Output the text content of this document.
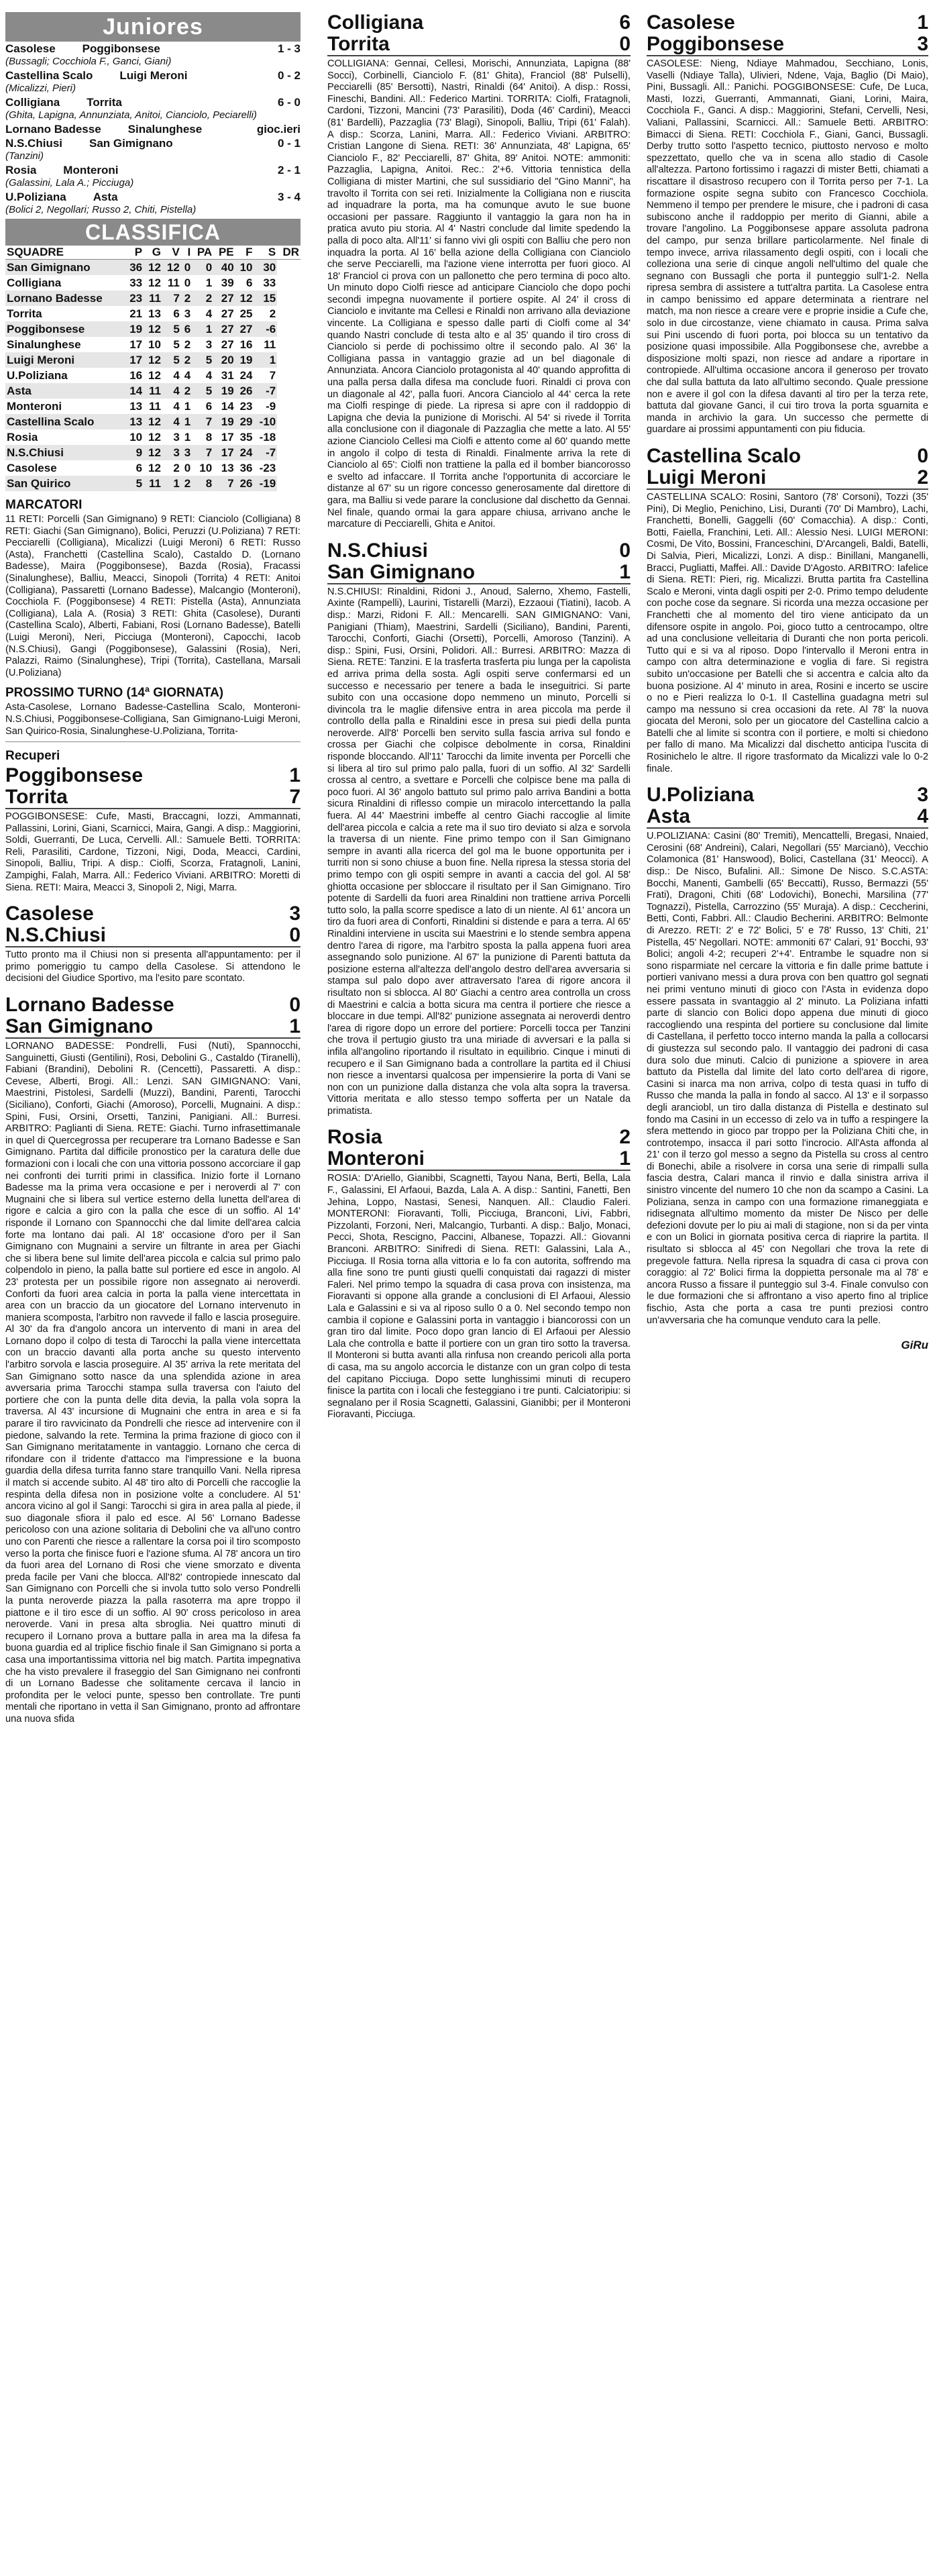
Juniores
Casolese Poggibonsese	1 - 3
(Bussagli; Cocchiola F., Ganci, Giani)
Castellina Scalo Luigi Meroni	0 - 2
(Micalizzi, Pieri)
Colligiana Torrita	6 - 0
(Ghita, Lapigna, Annunziata, Anitoi, Cianciolo, Peciarelli)
Lornano Badesse Sinalunghese	gioc.ieri
N.S.Chiusi San Gimignano	0 - 1
(Tanzini)
Rosia Monteroni	2 - 1
(Galassini, Lala A.; Picciuga)
U.Poliziana Asta	3 - 4
(Bolici 2, Negollari; Russo 2, Chiti, Pistella)
CLASSIFICA
SQUADRE	P	G	V	I	PA	PE	F	S	DR
San Gimignano	36	12	12	0	0	40	10	30	
Colligiana	33	12	11	0	1	39	6	33	
Lornano Badesse	23	11	7	2	2	27	12	15	
Torrita	21	13	6	3	4	27	25	2	
Poggibonsese	19	12	5	6	1	27	27	-6	
Sinalunghese	17	10	5	2	3	27	16	11	
Luigi Meroni	17	12	5	2	5	20	19	1	
U.Poliziana	16	12	4	4	4	31	24	7	
Asta	14	11	4	2	5	19	26	-7	
Monteroni	13	11	4	1	6	14	23	-9	
Castellina Scalo	13	12	4	1	7	19	29	-10	
Rosia	10	12	3	1	8	17	35	-18	
N.S.Chiusi	9	12	3	3	7	17	24	-7	
Casolese	6	12	2	0	10	13	36	-23	
San Quirico	5	11	1	2	8	7	26	-19	
MARCATORI
11 RETI: Porcelli (San Gimignano) 9 RETI: Cianciolo (Colligiana) 8 RETI: Giachi (San Gimignano), Bolici, Peruzzi (U.Poliziana) 7 RETI: Pecciarelli (Colligiana), Micalizzi (Luigi Meroni) 6 RETI: Russo (Asta), Franchetti (Castellina Scalo), Castaldo D. (Lornano Badesse), Maira (Poggibonsese), Bazda (Rosia), Fracassi (Sinalunghese), Balliu, Meacci, Sinopoli (Torrita) 4 RETI: Anitoi (Colligiana), Passaretti (Lornano Badesse), Malcangio (Monteroni), Cocchiola F. (Poggibonsese) 4 RETI: Pistella (Asta), Annunziata (Colligiana), Lala A. (Rosia) 3 RETI: Ghita (Casolese), Duranti (Castellina Scalo), Alberti, Fabiani, Rosi (Lornano Badesse), Batelli (Luigi Meroni), Neri, Picciuga (Monteroni), Capocchi, Iacob (N.S.Chiusi), Gangi (Poggibonsese), Galassini (Rosia), Neri, Palazzi, Raimo (Sinalunghese), Tripi (Torrita), Castellana, Marsali (U.Poliziana)
PROSSIMO TURNO (14ª GIORNATA)
Asta-Casolese, Lornano Badesse-Castellina Scalo, Monteroni-N.S.Chiusi, Poggibonsese-Colligiana, San Gimignano-Luigi Meroni, San Quirico-Rosia, Sinalunghese-U.Poliziana, Torrita-
Recuperi
Poggibonsese	1
Torrita	7
POGGIBONSESE: Cufe, Masti, Braccagni, Iozzi, Ammannati, Pallassini, Lorini, Giani, Scarnicci, Maira, Gangi. A disp.: Maggiorini, Soldi, Guerranti, De Luca, Cervelli. All.: Samuele Betti. TORRITA: Reli, Parasiliti, Cardone, Tizzoni, Nigi, Doda, Meacci, Cardini, Sinopoli, Balliu, Tripi. A disp.: Ciolfi, Scorza, Fratagnoli, Lanini, Zampighi, Falah, Marra. All.: Federico Viviani. ARBITRO: Moretti di Siena. RETI: Maira, Meacci 3, Sinopoli 2, Nigi, Marra.
Casolese	3
N.S.Chiusi	0
Tutto pronto ma il Chiusi non si presenta all'appuntamento: per il primo pomeriggio tu campo della Casolese. Si attendono le decisioni del Giudice Sportivo, ma l'esito pare scontato.
Lornano Badesse	0
San Gimignano	1
LORNANO BADESSE: Pondrelli, Fusi (Nuti), Spannocchi, Sanguinetti, Giusti (Gentilini), Rosi, Debolini G., Castaldo (Tiranelli), Fabiani (Brandini), Debolini R. (Cencetti), Passaretti. A disp.: Cevese, Alberti, Brogi. All.: Lenzi. SAN GIMIGNANO: Vani, Maestrini, Pistolesi, Sardelli (Muzzi), Bandini, Parenti, Tarocchi (Siciliano), Conforti, Giachi (Amoroso), Porcelli, Mugnaini. A disp.: Spini, Fusi, Orsini, Orsetti, Tanzini, Panigiani. All.: Burresi. ARBITRO: Paglianti di Siena. RETE: Giachi. Turno infrasettimanale in quel di Quercegrossa per recuperare tra Lornano Badesse e San Gimignano. Partita dal difficile pronostico per la caratura delle due formazioni con i locali che con una vittoria possono accorciare il gap nei confronti dei turriti primi in classifica. Inizio forte il Lornano Badesse ma la prima vera occasione e per i neroverdi al 7' con Mugnaini che si libera sul vertice esterno della lunetta dell'area di rigore e calcia a giro con la palla che esce di un soffio. Al 14' risponde il Lornano con Spannocchi che dal limite dell'area calcia forte ma lontano dai pali. Al 18' occasione d'oro per il San Gimignano con Mugnaini a servire un filtrante in area per Giachi che si libera bene sul limite dell'area piccola e calcia sul primo palo colpendolo in pieno, la palla batte sul portiere ed esce in angolo. Al 23' protesta per un possibile rigore non assegnato ai neroverdi. Conforti da fuori area calcia in porta la palla viene intercettata in area con un braccio da un giocatore del Lornano intervenuto in maniera scomposta, l'arbitro non ravvede il fallo e lascia proseguire. Al 30' da fra d'angolo ancora un intervento di mani in area del Lornano dopo il colpo di testa di Tarocchi la palla viene intercettata con un braccio davanti alla porta anche su questo intervento l'arbitro sorvola e lascia proseguire. Al 35' arriva la rete meritata del San Gimignano sotto nasce da una splendida azione in area avversaria prima Tarocchi stampa sulla traversa con l'aiuto del portiere che con la punta delle dita devia, la palla vola sopra la traversa. Al 43' incursione di Mugnaini che entra in area e si fa parare il tiro ravvicinato da Pondrelli che riesce ad intervenire con il piedone, salvando la rete. Termina la prima frazione di gioco con il San Gimignano meritatamente in vantaggio. Lornano che cerca di rifondare con il tridente d'attacco ma l'impressione e la buona guardia della difesa turrita fanno stare tranquillo Vani. Nella ripresa il match si accende subito. Al 48' tiro alto di Porcelli che raccoglie la respinta della difesa non in posizione volte a concludere. Al 51' ancora vicino al gol il Sangi: Tarocchi si gira in area palla al piede, il suo diagonale sfiora il palo ed esce. Al 56' Lornano Badesse pericoloso con una azione solitaria di Debolini che va all'uno contro uno con Parenti che riesce a rallentare la corsa poi il tiro scomposto verso la porta che finisce fuori e l'azione sfuma. Al 78' ancora un tiro da fuori area del Lornano di Rosi che viene smorzato e diventa preda facile per Vani che blocca. All'82' contropiede innescato dal San Gimignano con Porcelli che si invola tutto solo verso Pondrelli la punta neroverde piazza la palla rasoterra ma apre troppo il piattone e il tiro esce di un soffio. Al 90' cross pericoloso in area neroverde. Vani in presa alta sbroglia. Nei quattro minuti di recupero il Lornano prova a buttare palla in area ma la difesa fa buona guardia ed al triplice fischio finale il San Gimignano si porta a casa una importantissima vittoria nel big match. Partita impegnativa che ha visto prevalere il fraseggio del San Gimignano nei confronti di un Lornano Badesse che solitamente cercava il lancio in profondita per le veloci punte, spesso ben controllate. Tre punti mentali che riportano in vetta il San Gimignano, pronto ad affrontare una nuova sfida
Colligiana	6
Torrita	0
COLLIGIANA: Gennai, Cellesi, Morischi, Annunziata, Lapigna (88' Socci), Corbinelli, Cianciolo F. (81' Ghita), Franciol (88' Pulselli), Pecciarelli (85' Bersotti), Nastri, Rinaldi (64' Anitoi). A disp.: Rossi, Fineschi, Bandini. All.: Federico Martini. TORRITA: Ciolfi, Fratagnoli, Cardoni, Tizzoni, Mancini (73' Parasiliti), Doda (46' Cardini), Meacci (81' Bardelli), Pazzaglia (73' Blagi), Sinopoli, Balliu, Tripi (61' Falah). A disp.: Scorza, Lanini, Marra. All.: Federico Viviani. ARBITRO: Cristian Langone di Siena. RETI: 36' Annunziata, 48' Lapigna, 65' Cianciolo F., 82' Pecciarelli, 87' Ghita, 89' Anitoi. NOTE: ammoniti: Pazzaglia, Lapigna, Anitoi. Rec.: 2'+6. Vittoria tennistica della Colligiana di mister Martini, che sul sussidiario del "Gino Manni", ha travolto il Torrita con sei reti. Inizialmente la Colligiana non e riuscita ad inquadrare la porta, ma ha comunque avuto le sue buone occasioni per passare. Raggiunto il vantaggio la gara non ha in pratica avuto piu storia. Al 4' Nastri conclude dal limite spedendo la palla di poco alta. All'11' si fanno vivi gli ospiti con Balliu che pero non inquadra la porta. Al 16' bella azione della Colligiana con Cianciolo che serve Pecciarelli, ma l'azione viene interrotta per fuori gioco. Al 18' Franciol ci prova con un pallonetto che pero termina di poco alto. Un minuto dopo Ciolfi riesce ad anticipare Cianciolo che dopo pochi secondi impegna nuovamente il portiere ospite. Al 24' il cross di Cianciolo e invitante ma Cellesi e Rinaldi non arrivano alla deviazione vincente. La Colligiana e spesso dalle parti di Ciolfi come al 34' quando Nastri conclude di testa alto e al 35' quando il tiro cross di Cianciolo si perde di pochissimo oltre il secondo palo. Al 36' la Colligiana passa in vantaggio grazie ad un bel diagonale di Annunziata. Ancora Cianciolo protagonista al 40' quando approfitta di una palla persa dalla difesa ma conclude fuori. Rinaldi ci prova con un diagonale al 42', palla fuori. Ancora Cianciolo al 44' cerca la rete ma Ciolfi respinge di piede. La ripresa si apre con il raddoppio di Lapigna che devia la punizione di Morischi. Al 54' si rivede il Torrita alla conclusione con il diagonale di Pazzaglia che mette a lato. Al 55' azione Cianciolo Cellesi ma Ciolfi e attento come al 60' quando mette in angolo il colpo di testa di Rinaldi. Finalmente arriva la rete di Cianciolo al 65': Ciolfi non trattiene la palla ed il bomber biancorosso e svelto ad infaccare. Il Torrita anche l'opportunita di accorciare le distanze al 67' su un rigore concesso generosamente dal direttore di gara, ma Balliu si vede parare la conclusione dal dischetto da Gennai. Nel finale, quando ormai la gara appare chiusa, arrivano anche le marcature di Pecciarelli, Ghita e Anitoi.
N.S.Chiusi	0
San Gimignano	1
N.S.CHIUSI: Rinaldini, Ridoni J., Anoud, Salerno, Xhemo, Fastelli, Axinte (Rampelli), Laurini, Tistarelli (Marzi), Ezzaoui (Tiatini), Iacob. A disp.: Marzi, Ridoni F. All.: Mencarelli. SAN GIMIGNANO: Vani, Panigiani (Thiam), Maestrini, Sardelli (Siciliano), Bandini, Parenti, Tarocchi, Conforti, Giachi (Orsetti), Porcelli, Amoroso (Tanzini). A disp.: Spini, Fusi, Orsini, Polidori. All.: Burresi. ARBITRO: Mazza di Siena. RETE: Tanzini. E la trasferta trasferta piu lunga per la capolista ed arriva prima della sosta. Agli ospiti serve confermarsi ed un successo e necessario per tenere a bada le inseguitrici. Si parte subito con una occasione dopo nemmeno un minuto, Porcelli si divincola tra le maglie difensive entra in area piccola ma perde il controllo della palla e Rinaldini esce in presa sui piedi della punta neroverde. All'8' Porcelli ben servito sulla fascia arriva sul fondo e crossa per Giachi che colpisce debolmente in corsa, Rinaldini risponde bloccando. All'11' Tarocchi da limite inventa per Porcelli che si libera al tiro sul primo palo palla, fuori di un soffio. Al 32' Sardelli crossa al centro, a svettare e Porcelli che colpisce bene ma palla di poco fuori. Al 36' angolo battuto sul primo palo arriva Bandini a botta sicura Rinaldini di riflesso compie un miracolo intercettando la palla fuera. Al 44' Maestrini imbeffe al centro Giachi raccoglie al limite dell'area piccola e calcia a rete ma il suo tiro deviato si alza e sorvola la traversa di un niente. Fine primo tempo con il San Gimignano sempre in avanti alla ricerca del gol ma le buone opportunita per i turriti non si sono chiuse a buon fine. Nella ripresa la stessa storia del primo tempo con gli ospiti sempre in avanti a caccia del gol. Al 58' ghiotta occasione per sbloccare il risultato per il San Gimignano. Tiro potente di Sardelli da fuori area Rinaldini non trattiene arriva Porcelli tutto solo, la palla scorre spedisce a lato di un niente. Al 61' ancora un tiro da fuori area di Conforti, Rinaldini si distende e para a terra. Al 65' Rinaldini interviene in uscita sui Maestrini e lo stende sembra appena dentro l'area di rigore, ma l'arbitro sposta la palla appena fuori area assegnando solo punizione. Al 67' la punizione di Parenti battuta da posizione esterna all'altezza dell'angolo destro dell'area avversaria si stampa sul palo dopo aver attraversato l'area di rigore ancora il risultato non si sblocca. Al 80' Giachi a centro area controlla un cross di Maestrini e calcia a botta sicura ma centra il portiere che riesce a bloccare in due tempi. All'82' punizione assegnata ai neroverdi dentro l'area di rigore dopo un errore del portiere: Porcelli tocca per Tanzini che trova il pertugio giusto tra una miriade di avversari e la palla si infila all'angolino riportando il risultato in equilibrio. Cinque i minuti di recupero e il San Gimignano bada a controllare la partita ed il Chiusi non riesce a inventarsi qualcosa per impensierire la porta di Vani se non con un punizione dalla distanza che vola alta sopra la traversa. Vittoria meritata e allo stesso tempo sofferta per un Natale da primatista.
Rosia	2
Monteroni	1
ROSIA: D'Ariello, Gianibbi, Scagnetti, Tayou Nana, Berti, Bella, Lala F., Galassini, El Arfaoui, Bazda, Lala A. A disp.: Santini, Fanetti, Ben Jehina, Loppo, Nastasi, Senesi, Nanquen. All.: Claudio Faleri. MONTERONI: Fioravanti, Tolli, Picciuga, Branconi, Livi, Fabbri, Pizzolanti, Forzoni, Neri, Malcangio, Turbanti. A disp.: Baljo, Monaci, Pecci, Shota, Rescigno, Paccini, Albanese, Topazzi. All.: Giovanni Branconi. ARBITRO: Sinifredi di Siena. RETI: Galassini, Lala A., Picciuga. Il Rosia torna alla vittoria e lo fa con autorita, soffrendo ma alla fine sono tre punti giusti quelli conquistati dai ragazzi di mister Faleri. Nel primo tempo la squadra di casa prova con insistenza, ma Fioravanti si oppone alla grande a conclusioni di El Arfaoui, Alessio Lala e Galassini e si va al riposo sullo 0 a 0. Nel secondo tempo non cambia il copione e Galassini porta in vantaggio i biancorossi con un gran tiro dal limite. Poco dopo gran lancio di El Arfaoui per Alessio Lala che controlla e batte il portiere con un gran tiro sotto la traversa. Il Monteroni si butta avanti alla rinfusa non creando pericoli alla porta di casa, ma su angolo accorcia le distanze con un gran colpo di testa del capitano Picciuga. Dopo sette lunghissimi minuti di recupero finisce la partita con i locali che festeggiano i tre punti. Calciatoripiu: si segnalano per il Rosia Scagnetti, Galassini, Gianibbi; per il Monteroni Fioravanti, Picciuga.
Casolese	1
Poggibonsese	3
CASOLESE: Nieng, Ndiaye Mahmadou, Secchiano, Lonis, Vaselli (Ndiaye Talla), Ulivieri, Ndene, Vaja, Baglio (Di Maio), Pini, Bussagli. All.: Panichi. POGGIBONSESE: Cufe, De Luca, Masti, Iozzi, Guerranti, Ammannati, Giani, Lorini, Maira, Cocchiola F., Ganci. A disp.: Maggiorini, Stefani, Cervelli, Nesi, Valiani, Pallassini, Scarnicci. All.: Samuele Betti. ARBITRO: Bimacci di Siena. RETI: Cocchiola F., Giani, Ganci, Bussagli. Derby trutto sotto l'aspetto tecnico, piuttosto nervoso e molto spezzettato, quello che va in scena allo stadio di Casole all'altezza. Partono fortissimo i ragazzi di mister Betti, chiamati a riscattare il disastroso recupero con il Torrita perso per 7-1. La formazione ospite segna subito con Francesco Cocchiola. Nemmeno il tempo per prendere le misure, che i padroni di casa subiscono anche il raddoppio per merito di Gianni, abile a trovare l'angolino. La Poggibonsese appare assoluta padrona del campo, pur senza brillare particolarmente. Nel finale di tempo invece, arriva rilassamento degli ospiti, con i locali che colleziona una serie di cinque angoli nell'ultimo del quale che segnano con Bussagli che porta il punteggio sull'1-2. Nella ripresa sembra di assistere a tutt'altra partita. La Casolese entra in campo benissimo ed appare determinata a rientrare nel match, ma non riesce a creare vere e proprie insidie a Cufe che, solo in due circostanze, viene chiamato in causa. Prima salva sui Pini uscendo di fuori porta, poi blocca su un tentativo da posizione quasi impossibile. Alla Poggibonsese che, avrebbe a disposizione molti spazi, non riesce ad andare a riportare in contropiede. All'ultima occasione ancora il generoso per trovato che dal sulla battuta da lato all'ultimo secondo. Quale pressione non e avere il gol con la difesa davanti al tiro per la terza rete, battuta dal giovane Ganci, il cui tiro trova la porta sguarnita e manda in archivio la gara. Un successo che permette di guardare ai prossimi appuntamenti con piu fiducia.
Castellina Scalo	0
Luigi Meroni	2
CASTELLINA SCALO: Rosini, Santoro (78' Corsoni), Tozzi (35' Pini), Di Meglio, Penichino, Lisi, Duranti (70' Di Mambro), Lachi, Franchetti, Bonelli, Gaggelli (60' Comacchia). A disp.: Conti, Botti, Faiella, Franchini, Leti. All.: Alessio Nesi. LUIGI MERONI: Cosmi, De Vito, Bossini, Franceschini, D'Arcangeli, Baldi, Batelli, Di Salvia, Pieri, Micalizzi, Lonzi. A disp.: Binillani, Manganelli, Bracci, Pugliatti, Maffei. All.: Davide D'Agosto. ARBITRO: Iafelice di Siena. RETI: Pieri, rig. Micalizzi. Brutta partita fra Castellina Scalo e Meroni, vinta dagli ospiti per 2-0. Primo tempo deludente con poche cose da segnare. Si ricorda una mezza occasione per Franchetti che al momento del tiro viene anticipato da un difensore ospite in angolo. Poi, gioco tutto a centrocampo, oltre ad una conclusione velleitaria di Duranti che non porta pericoli. Tutto qui e si va al riposo. Dopo l'intervallo il Meroni entra in campo con altra determinazione e voglia di fare. Si registra subito un'occasione per Batelli che si accentra e calcia alto da buona posizione. Al 4' minuto in area, Rosini e incerto se uscire o no e Pieri realizza lo 0-1. Il Castellina guadagna metri sul campo ma nessuno si crea occasioni da rete. Al 78' la nuova giocata del Meroni, solo per un giocatore del Castellina calcio a Batelli che al limite si scontra con il portiere, e molti si chiedono per fallo di mano. Ma Micalizzi dal dischetto anticipa l'uscita di Rosinichelo le altre. Il rigore trasformato da Micalizzi vale lo 0-2 finale.
U.Poliziana	3
Asta	4
U.POLIZIANA: Casini (80' Tremiti), Mencattelli, Bregasi, Nnaied, Cerosini (68' Andreini), Calari, Negollari (55' Marcianò), Vecchio Colamonica (81' Hanswood), Bolici, Castellana (31' Meocci). A disp.: De Nisco, Bufalini. All.: Simone De Nisco. S.C.ASTA: Bocchi, Manenti, Gambelli (65' Beccatti), Russo, Bermazzi (55' Frati), Dragoni, Chiti (68' Lodovichi), Bonechi, Marsilina (77' Tognazzi), Pistella, Carrozzino (55' Muraja). A disp.: Ceccherini, Betti, Conti, Fabbri. All.: Claudio Becherini. ARBITRO: Belmonte di Arezzo. RETI: 2' e 72' Bolici, 5' e 78' Russo, 13' Chiti, 21' Pistella, 45' Negollari. NOTE: ammoniti 67' Calari, 91' Bocchi, 93' Bolici; angoli 4-2; recuperi 2'+4'. Entrambe le squadre non si sono risparmiate nel cercare la vittoria e fin dalle prime battute i portieri vanivano messi a dura prova con ben quattro gol segnati nei primi ventuno minuti di gioco con l'Asta in evidenza dopo essere passata in svantaggio al 2' minuto. La Poliziana infatti parte di slancio con Bolici dopo appena due minuti di gioco raccogliendo una respinta del portiere su conclusione dal limite di Castellana, il perfetto tocco interno manda la palla a collocarsi di giustezza sul secondo palo. Il vantaggio dei padroni di casa dura solo due minuti. Calcio di punizione a spiovere in area battuto da Pistella dal limite del lato corto dell'area di rigore, Casini si inarca ma non arriva, colpo di testa quasi in tuffo di Russo che manda la palla in fondo al sacco. Al 13' e il sorpasso degli aranciobl, un tiro dalla distanza di Pistella e destinato sul fondo ma Casini in un eccesso di zelo va in tuffo a respingere la sfera mettendo in gioco par troppo per la Poliziana Chiti che, in controtempo, insacca il pari sotto l'incrocio. All'Asta affonda al 21' con il terzo gol messo a segno da Pistella su cross al centro di Bonechi, abile a risolvere in corsa una serie di rimpalli sulla fascia destra, Calari manca il rinvio e dalla sinistra arriva il sinistro vincente del numero 10 che non da scampo a Casini. La Poliziana, senza in campo con una formazione rimaneggiata e ridisegnata all'ultimo momento da mister De Nisco per delle defezioni dovute per lo piu ai mali di stagione, non si da per vinta e con un Bolici in giornata positiva cerca di riaprire la partita. Il risultato si sblocca al 45' con Negollari che trova la rete di pregevole fattura. Nella ripresa la squadra di casa ci prova con coraggio: al 72' Bolici firma la doppietta personale ma al 78' e ancora Russo a fissare il punteggio sul 3-4. Finale convulso con le due formazioni che si affrontano a viso aperto fino al triplice fischio, Asta che porta a casa tre punti preziosi contro un'avversaria che ha comunque venduto cara la pelle.
GiRu
